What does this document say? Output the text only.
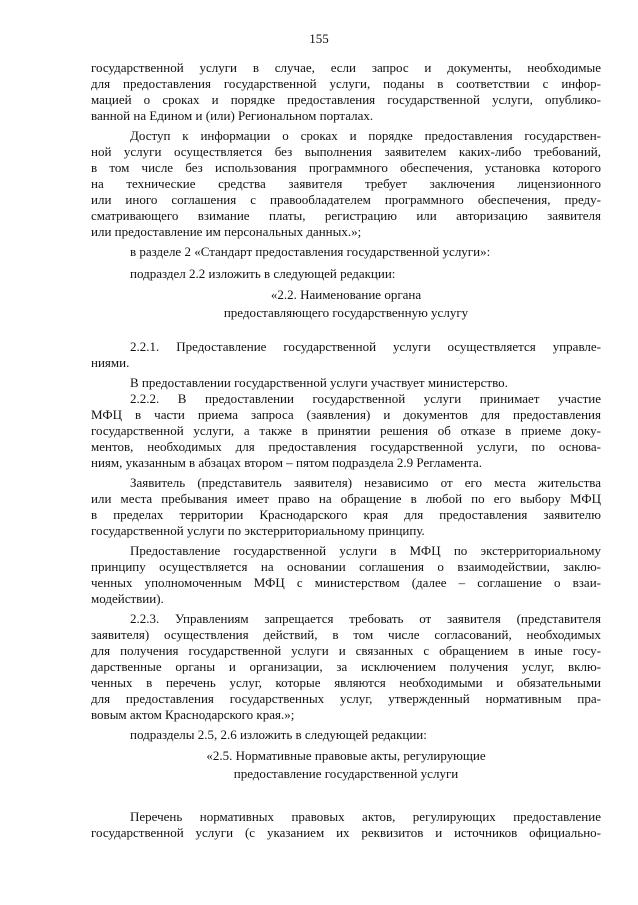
155
государственной услуги в случае, если запрос и документы, необходимые
для предоставления государственной услуги, поданы в соответствии с инфор-
мацией о сроках и порядке предоставления государственной услуги, опублико-
ванной на Едином и (или) Региональном порталах.
Доступ к информации о сроках и порядке предоставления государствен-
ной услуги осуществляется без выполнения заявителем каких-либо требований,
в том числе без использования программного обеспечения, установка которого
на технические средства заявителя требует заключения лицензионного
или иного соглашения с правообладателем программного обеспечения, преду-
сматривающего взимание платы, регистрацию или авторизацию заявителя
или предоставление им персональных данных.»;
в разделе 2 «Стандарт предоставления государственной услуги»:
подраздел 2.2 изложить в следующей редакции:
«2.2. Наименование органа
предоставляющего государственную услугу
2.2.1. Предоставление государственной услуги осуществляется управле-
ниями.
В предоставлении государственной услуги участвует министерство.
2.2.2. В предоставлении государственной услуги принимает участие
МФЦ в части приема запроса (заявления) и документов для предоставления
государственной услуги, а также в принятии решения об отказе в приеме доку-
ментов, необходимых для предоставления государственной услуги, по основа-
ниям, указанным в абзацах втором – пятом подраздела 2.9 Регламента.
Заявитель (представитель заявителя) независимо от его места жительства
или места пребывания имеет право на обращение в любой по его выбору МФЦ
в пределах территории Краснодарского края для предоставления заявителю
государственной услуги по экстерриториальному принципу.
Предоставление государственной услуги в МФЦ по экстерриториальному
принципу осуществляется на основании соглашения о взаимодействии, заклю-
ченных уполномоченным МФЦ с министерством (далее – соглашение о взаи-
модействии).
2.2.3. Управлениям запрещается требовать от заявителя (представителя
заявителя) осуществления действий, в том числе согласований, необходимых
для получения государственной услуги и связанных с обращением в иные госу-
дарственные органы и организации, за исключением получения услуг, вклю-
ченных в перечень услуг, которые являются необходимыми и обязательными
для предоставления государственных услуг, утвержденный нормативным пра-
вовым актом Краснодарского края.»;
подразделы 2.5, 2.6 изложить в следующей редакции:
«2.5. Нормативные правовые акты, регулирующие
предоставление государственной услуги
Перечень нормативных правовых актов, регулирующих предоставление
государственной услуги (с указанием их реквизитов и источников официально-
